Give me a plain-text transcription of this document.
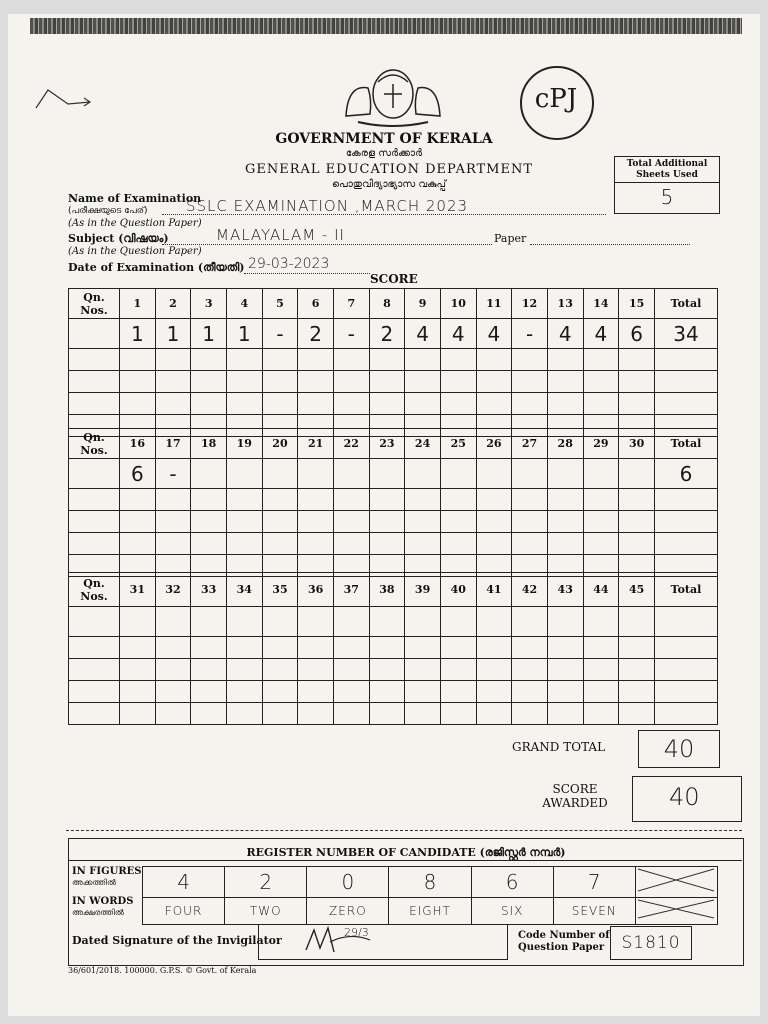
cPJ
GOVERNMENT OF KERALA
കേരള സർക്കാർ
GENERAL EDUCATION DEPARTMENT
പൊതുവിദ്യാഭ്യാസ വകുപ്പ്
Total Additional
Sheets Used
5
Name of Examination
(പരീക്ഷയുടെ പേര്)	SSLC EXAMINATION ,MARCH 2023
(As in the Question Paper)
Subject (വിഷയം)	MALAYALAM - II	Paper
(As in the Question Paper)
Date of Examination (തീയതി) 29-03-2023
SCORE
Qn.
Nos.	1	2	3	4	5	6	7	8	9	10	11	12	13	14	15	Total
	1	1	1	1	-	2	-	2	4	4	4	-	4	4	6	34

Qn.
Nos.	16	17	18	19	20	21	22	23	24	25	26	27	28	29	30	Total
	6	-														6

Qn.
Nos.	31	32	33	34	35	36	37	38	39	40	41	42	43	44	45	Total

GRAND TOTAL	40
SCORE
AWARDED	40
REGISTER NUMBER OF CANDIDATE (രജിസ്റ്റർ നമ്പർ)
IN FIGURES
അക്കത്തിൽ
IN WORDS
അക്ഷരത്തിൽ
4	2	0	8	6	7	
FOUR	TWO	ZERO	EIGHT	SIX	SEVEN	
Dated Signature of the Invigilator
29/3	Code Number of
Question Paper	S1810
36/601/2018. 100000. G.P.S. © Govt. of Kerala
